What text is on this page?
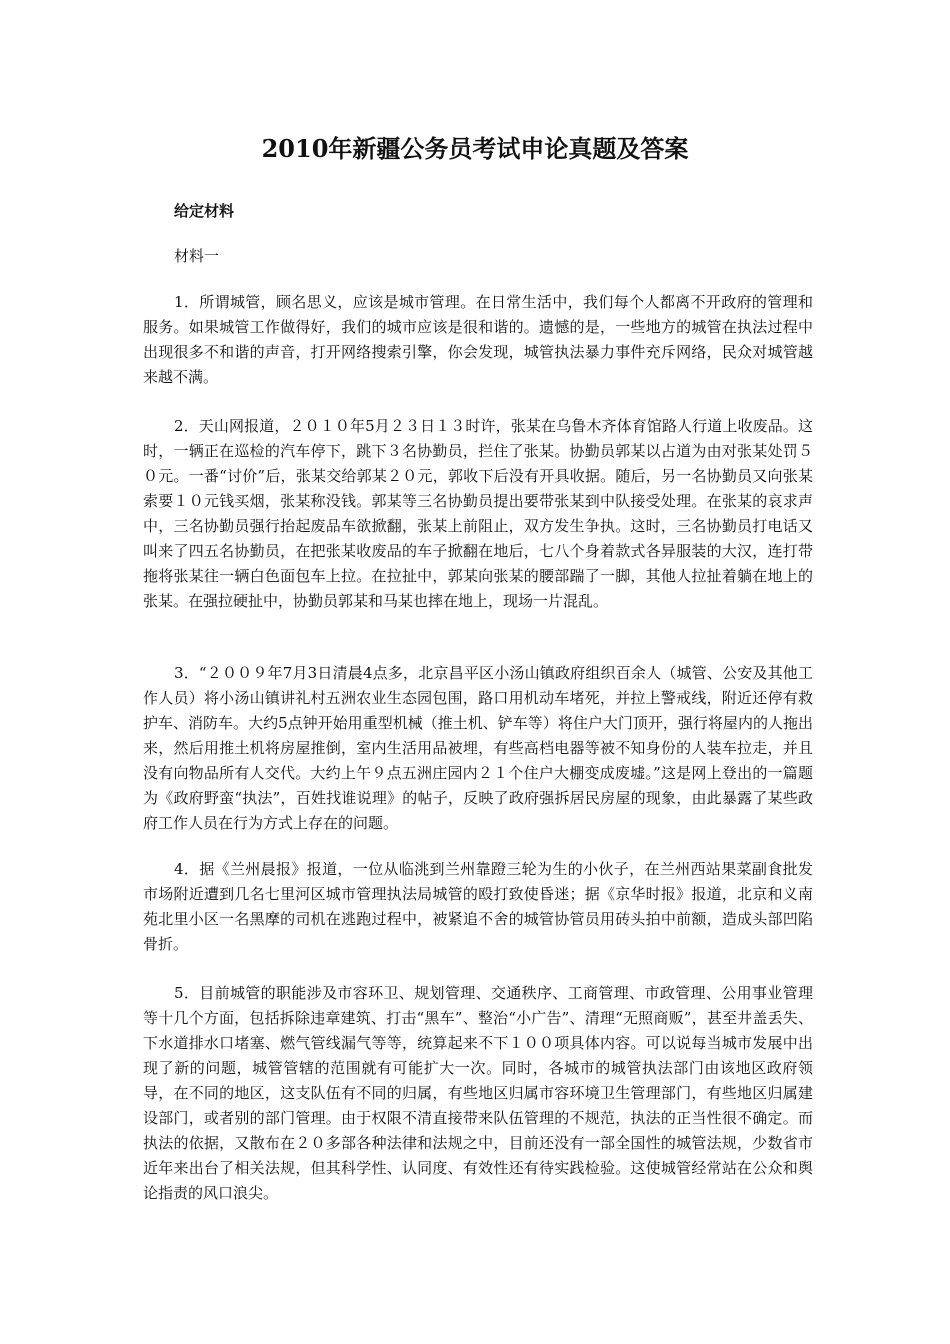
2010年新疆公务员考试申论真题及答案
给定材料
材料一

1．所谓城管，顾名思义，应该是城市管理。在日常生活中，我们每个人都离不开政府的管理和服务。如果城管工作做得好，我们的城市应该是很和谐的。遗憾的是，一些地方的城管在执法过程中出现很多不和谐的声音，打开网络搜索引擎，你会发现，城管执法暴力事件充斥网络，民众对城管越来越不满。

2．天山网报道，２０１０年5月２３日１３时许，张某在乌鲁木齐体育馆路人行道上收废品。这时，一辆正在巡检的汽车停下，跳下３名协勤员，拦住了张某。协勤员郭某以占道为由对张某处罚５０元。一番“讨价”后，张某交给郭某２０元，郭收下后没有开具收据。随后，另一名协勤员又向张某索要１０元钱买烟，张某称没钱。郭某等三名协勤员提出要带张某到中队接受处理。在张某的哀求声中，三名协勤员强行抬起废品车欲掀翻，张某上前阻止，双方发生争执。这时，三名协勤员打电话又叫来了四五名协勤员，在把张某收废品的车子掀翻在地后，七八个身着款式各异服装的大汉，连打带拖将张某往一辆白色面包车上拉。在拉扯中，郭某向张某的腰部踹了一脚，其他人拉扯着躺在地上的张某。在强拉硬扯中，协勤员郭某和马某也摔在地上，现场一片混乱。

3．“２００９年7月3日清晨4点多，北京昌平区小汤山镇政府组织百余人（城管、公安及其他工作人员）将小汤山镇讲礼村五洲农业生态园包围，路口用机动车堵死，并拉上警戒线，附近还停有救护车、消防车。大约5点钟开始用重型机械（推土机、铲车等）将住户大门顶开，强行将屋内的人拖出来，然后用推土机将房屋推倒，室内生活用品被埋，有些高档电器等被不知身份的人装车拉走，并且没有向物品所有人交代。大约上午９点五洲庄园内２１个住户大棚变成废墟。”这是网上登出的一篇题为《政府野蛮“执法”，百姓找谁说理》的帖子，反映了政府强拆居民房屋的现象，由此暴露了某些政府工作人员在行为方式上存在的问题。

4．据《兰州晨报》报道，一位从临洮到兰州靠蹬三轮为生的小伙子，在兰州西站果菜副食批发市场附近遭到几名七里河区城市管理执法局城管的殴打致使昏迷；据《京华时报》报道，北京和义南苑北里小区一名黑摩的司机在逃跑过程中，被紧追不舍的城管协管员用砖头拍中前额，造成头部凹陷骨折。

5．目前城管的职能涉及市容环卫、规划管理、交通秩序、工商管理、市政管理、公用事业管理等十几个方面，包括拆除违章建筑、打击“黑车”、整治“小广告”、清理“无照商贩”，甚至井盖丢失、下水道排水口堵塞、燃气管线漏气等等，统算起来不下１００项具体内容。可以说每当城市发展中出现了新的问题，城管管辖的范围就有可能扩大一次。同时，各城市的城管执法部门由该地区政府领导，在不同的地区，这支队伍有不同的归属，有些地区归属市容环境卫生管理部门，有些地区归属建设部门，或者别的部门管理。由于权限不清直接带来队伍管理的不规范，执法的正当性很不确定。而执法的依据，又散布在２０多部各种法律和法规之中，目前还没有一部全国性的城管法规，少数省市近年来出台了相关法规，但其科学性、认同度、有效性还有待实践检验。这使城管经常站在公众和舆论指责的风口浪尖。
